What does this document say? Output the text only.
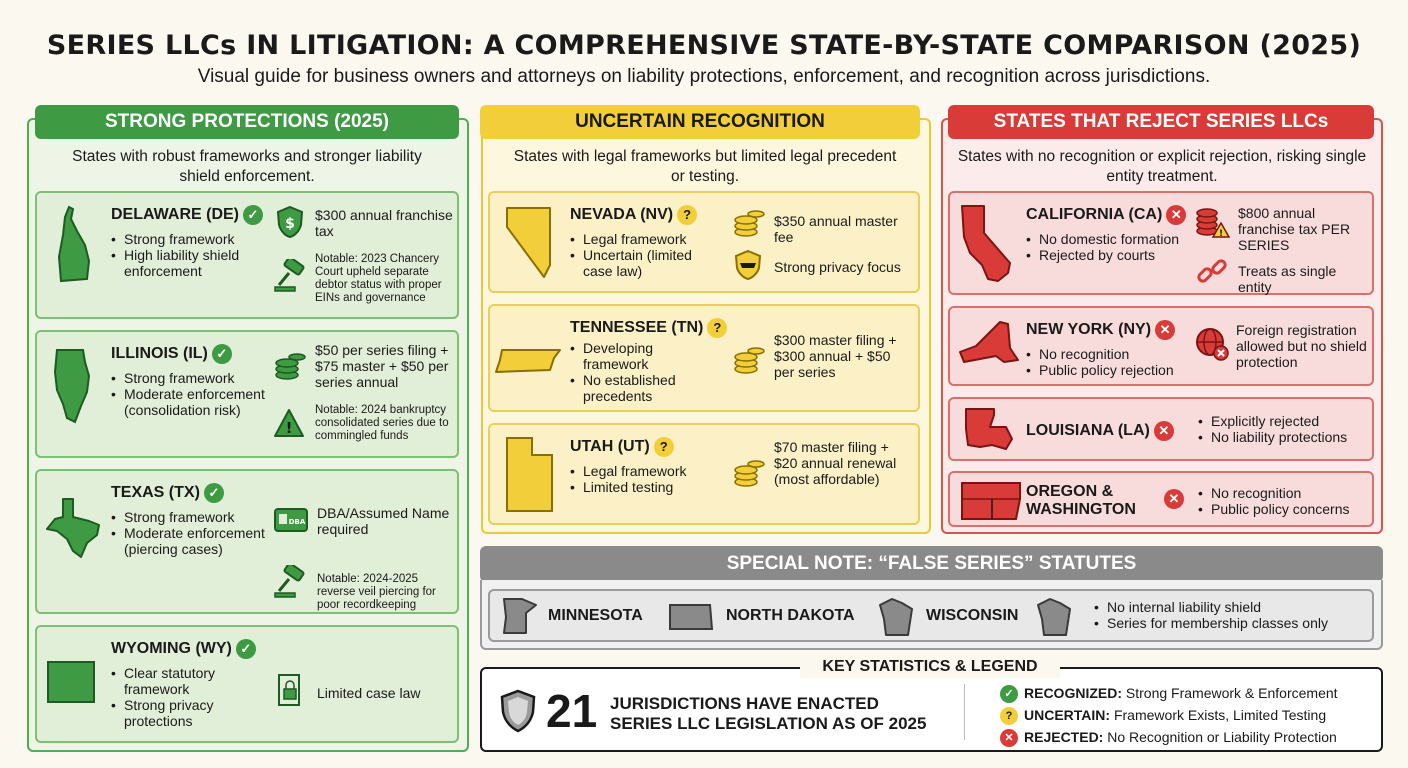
SERIES LLCs IN LITIGATION: A COMPREHENSIVE STATE-BY-STATE COMPARISON (2025)
Visual guide for business owners and attorneys on liability protections, enforcement, and recognition across jurisdictions.
STRONG PROTECTIONS (2025)
States with robust frameworks and stronger liability shield enforcement.
DELAWARE (DE) ✓
• Strong framework
• High liability shield enforcement
$
$300 annual franchise tax
Notable: 2023 Chancery Court upheld separate debtor status with proper EINs and governance
ILLINOIS (IL) ✓
• Strong framework
• Moderate enforcement (consolidation risk)
$50 per series filing + $75 master + $50 per series annual
!
Notable: 2024 bankruptcy consolidated series due to commingled funds
TEXAS (TX) ✓
• Strong framework
• Moderate enforcement (piercing cases)
DBA
DBA/Assumed Name required
Notable: 2024-2025 reverse veil piercing for poor recordkeeping
WYOMING (WY) ✓
• Clear statutory framework
• Strong privacy protections
Limited case law
UNCERTAIN RECOGNITION
States with legal frameworks but limited legal precedent or testing.
NEVADA (NV) ?
• Legal framework
• Uncertain (limited case law)
$350 annual master fee
Strong privacy focus
TENNESSEE (TN) ?
• Developing framework
• No established precedents
$300 master filing + $300 annual + $50 per series
UTAH (UT) ?
• Legal framework
• Limited testing
$70 master filing + $20 annual renewal (most affordable)
STATES THAT REJECT SERIES LLCs
States with no recognition or explicit rejection, risking single entity treatment.
CALIFORNIA (CA) ✕
• No domestic formation
• Rejected by courts
!
$800 annual franchise tax PER SERIES
Treats as single entity
NEW YORK (NY) ✕
• No recognition
• Public policy rejection
Foreign registration allowed but no shield protection
LOUISIANA (LA) ✕
• Explicitly rejected
• No liability protections
OREGON & WASHINGTON
✕	• No recognition
• Public policy concerns
SPECIAL NOTE: “FALSE SERIES” STATUTES
MINNESOTA	NORTH DAKOTA	WISCONSIN	• No internal liability shield
• Series for membership classes only
KEY STATISTICS & LEGEND
21 JURISDICTIONS HAVE ENACTED SERIES LLC LEGISLATION AS OF 2025
✓ RECOGNIZED: Strong Framework & Enforcement
? UNCERTAIN: Framework Exists, Limited Testing
✕ REJECTED: No Recognition or Liability Protection
